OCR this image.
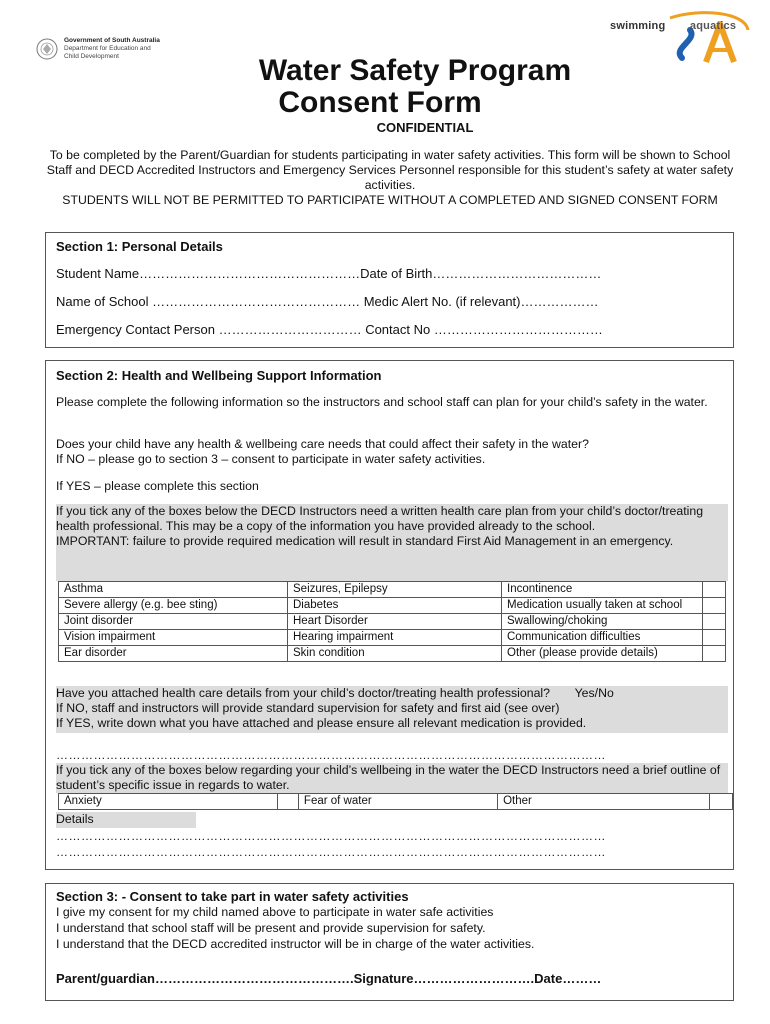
Government of South Australia
Department for Education and
Child Development
swimming aquatics
Water Safety Program
Consent Form
CONFIDENTIAL
To be completed by the Parent/Guardian for students participating in water safety activities. This form will be shown to School Staff and DECD Accredited Instructors and Emergency Services Personnel responsible for this student’s safety at water safety activities.
STUDENTS WILL NOT BE PERMITTED TO PARTICIPATE WITHOUT A COMPLETED AND SIGNED CONSENT FORM
Section 1: Personal Details
Student Name……………………………………………Date of Birth…………………………………
Name of School ………………………………………… Medic Alert No. (if relevant)………………
Emergency Contact Person …………………………… Contact No …………………………………
Section 2: Health and Wellbeing Support Information
Please complete the following information so the instructors and school staff can plan for your child’s safety in the water.
Does your child have any health & wellbeing care needs that could affect their safety in the water?
If NO – please go to section 3 – consent to participate in water safety activities.
If YES – please complete this section
If you tick any of the boxes below the DECD Instructors need a written health care plan from your child’s doctor/treating health professional. This may be a copy of the information you have provided already to the school.
IMPORTANT: failure to provide required medication will result in standard First Aid Management in an emergency.
Asthma	Seizures, Epilepsy	Incontinence	
Severe allergy (e.g. bee sting)	Diabetes	Medication usually taken at school	
Joint disorder	Heart Disorder	Swallowing/choking	
Vision impairment	Hearing impairment	Communication difficulties	
Ear disorder	Skin condition	Other (please provide details)	
Have you attached health care details from your child’s doctor/treating health professional? Yes/No
If NO, staff and instructors will provide standard supervision for safety and first aid (see over)
If YES, write down what you have attached and please ensure all relevant medication is provided.
……………………………………………………………………………………………………………………
If you tick any of the boxes below regarding your child’s wellbeing in the water the DECD Instructors need a brief outline of student’s specific issue in regards to water.
Anxiety		Fear of water	Other	
Details
……………………………………………………………………………………………………………………
……………………………………………………………………………………………………………………
Section 3: - Consent to take part in water safety activities
I give my consent for my child named above to participate in water safe activities
I understand that school staff will be present and provide supervision for safety.
I understand that the DECD accredited instructor will be in charge of the water activities.
Parent/guardian……………………………………….Signature……………………….Date………
